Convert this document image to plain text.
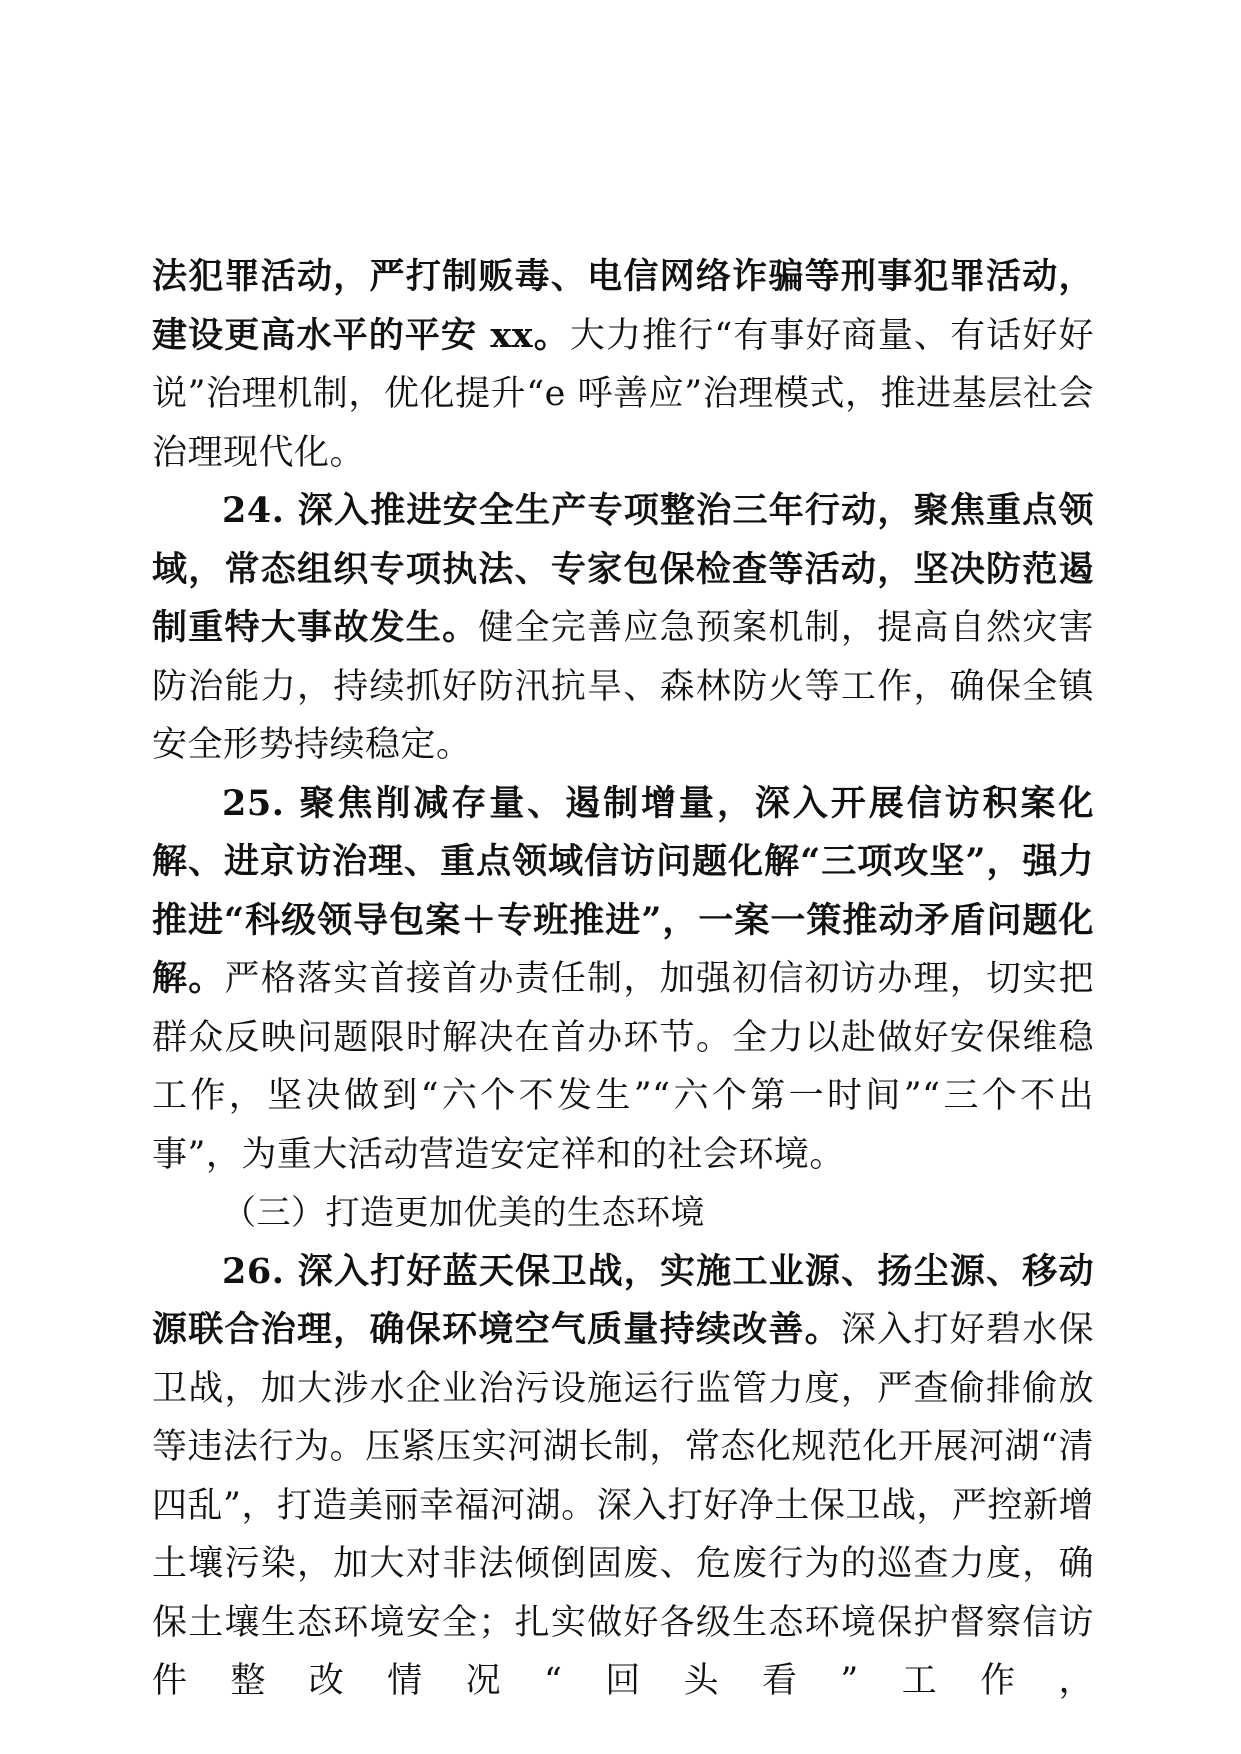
法犯罪活动，严打制贩毒、电信网络诈骗等刑事犯罪活动，建设更高水平的平安 xx。大力推行“有事好商量、有话好好说”治理机制，优化提升“e 呼善应”治理模式，推进基层社会治理现代化。

24. 深入推进安全生产专项整治三年行动，聚焦重点领域，常态组织专项执法、专家包保检查等活动，坚决防范遏制重特大事故发生。健全完善应急预案机制，提高自然灾害防治能力，持续抓好防汛抗旱、森林防火等工作，确保全镇安全形势持续稳定。

25. 聚焦削减存量、遏制增量，深入开展信访积案化解、进京访治理、重点领域信访问题化解“三项攻坚”，强力推进“科级领导包案＋专班推进”，一案一策推动矛盾问题化解。严格落实首接首办责任制，加强初信初访办理，切实把群众反映问题限时解决在首办环节。全力以赴做好安保维稳工作，坚决做到“六个不发生”“六个第一时间”“三个不出事”，为重大活动营造安定祥和的社会环境。

（三）打造更加优美的生态环境

26. 深入打好蓝天保卫战，实施工业源、扬尘源、移动源联合治理，确保环境空气质量持续改善。深入打好碧水保卫战，加大涉水企业治污设施运行监管力度，严查偷排偷放等违法行为。压紧压实河湖长制，常态化规范化开展河湖“清四乱”，打造美丽幸福河湖。深入打好净土保卫战，严控新增土壤污染，加大对非法倾倒固废、危废行为的巡查力度，确保土壤生态环境安全；扎实做好各级生态环境保护督察信访件整改情况“回头看”工作，
